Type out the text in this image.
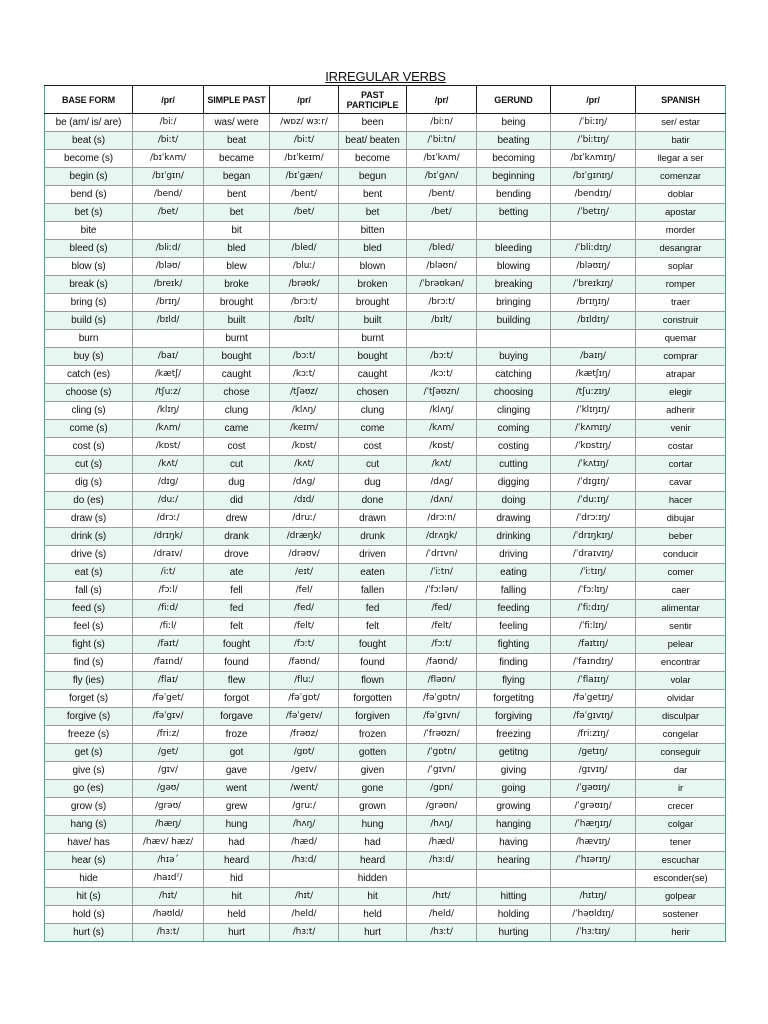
IRREGULAR VERBS
BASE FORM	/pr/	SIMPLE PAST	/pr/	PAST PARTICIPLE	/pr/	GERUND	/pr/	SPANISH
be (am/ is/ are)	/biː/	was/ were	/wɒz/ wɜːr/	been	/biːn/	being	/ˈbiːɪŋ/	ser/ estar
beat (s)	/biːt/	beat	/biːt/	beat/ beaten	/ˈbiːtn/	beating	/ˈbiːtɪŋ/	batir
become (s)	/bɪˈkʌm/	became	/bɪˈkeɪm/	become	/bɪˈkʌm/	becoming	/bɪˈkʌmɪŋ/	llegar a ser
begin (s)	/bɪˈgɪn/	began	/bɪˈgæn/	begun	/bɪˈgʌn/	beginning	/bɪˈgɪnɪŋ/	comenzar
bend (s)	/bend/	bent	/bent/	bent	/bent/	bending	/bendɪŋ/	doblar
bet (s)	/bet/	bet	/bet/	bet	/bet/	betting	/ˈbetɪŋ/	apostar
bite		bit		bitten				morder
bleed (s)	/bliːd/	bled	/bled/	bled	/bled/	bleeding	/ˈbliːdɪŋ/	desangrar
blow (s)	/bləʊ/	blew	/bluː/	blown	/bləʊn/	blowing	/bləʊɪŋ/	soplar
break (s)	/breɪk/	broke	/brəʊk/	broken	/ˈbrəʊkən/	breaking	/ˈbreɪkɪŋ/	romper
bring (s)	/brɪŋ/	brought	/brɔːt/	brought	/brɔːt/	bringing	/brɪŋɪŋ/	traer
build (s)	/bɪld/	built	/bɪlt/	built	/bɪlt/	building	/bɪldɪŋ/	construir
burn		burnt		burnt				quemar
buy (s)	/baɪ/	bought	/bɔːt/	bought	/bɔːt/	buying	/baɪŋ/	comprar
catch (es)	/kætʃ/	caught	/kɔːt/	caught	/kɔːt/	catching	/kætʃɪŋ/	atrapar
choose (s)	/tʃuːz/	chose	/tʃəʊz/	chosen	/ˈtʃəʊzn/	choosing	/tʃuːzɪŋ/	elegir
cling (s)	/klɪŋ/	clung	/klʌŋ/	clung	/klʌŋ/	clinging	/ˈklɪŋɪŋ/	adherir
come (s)	/kʌm/	came	/keɪm/	come	/kʌm/	coming	/ˈkʌmɪŋ/	venir
cost (s)	/kɒst/	cost	/kɒst/	cost	/kɒst/	costing	/ˈkɒstɪŋ/	costar
cut (s)	/kʌt/	cut	/kʌt/	cut	/kʌt/	cutting	/ˈkʌtɪŋ/	cortar
dig (s)	/dɪg/	dug	/dʌg/	dug	/dʌg/	digging	/ˈdɪgɪŋ/	cavar
do (es)	/duː/	did	/dɪd/	done	/dʌn/	doing	/ˈduːɪŋ/	hacer
draw (s)	/drɔː/	drew	/druː/	drawn	/drɔːn/	drawing	/ˈdrɔːɪŋ/	dibujar
drink (s)	/drɪŋk/	drank	/dræŋk/	drunk	/drʌŋk/	drinking	/ˈdrɪŋkɪŋ/	beber
drive (s)	/draɪv/	drove	/drəʊv/	driven	/ˈdrɪvn/	driving	/ˈdraɪvɪŋ/	conducir
eat (s)	/iːt/	ate	/eɪt/	eaten	/ˈiːtn/	eating	/ˈiːtɪŋ/	comer
fall (s)	/fɔːl/	fell	/fel/	fallen	/ˈfɔːlən/	falling	/ˈfɔːlɪŋ/	caer
feed (s)	/fiːd/	fed	/fed/	fed	/fed/	feeding	/ˈfiːdɪŋ/	alimentar
feel (s)	/fiːl/	felt	/felt/	felt	/felt/	feeling	/ˈfiːlɪŋ/	sentir
fight (s)	/faɪt/	fought	/fɔːt/	fought	/fɔːt/	fighting	/faɪtɪŋ/	pelear
find (s)	/faɪnd/	found	/faʊnd/	found	/faʊnd/	finding	/ˈfaɪndɪŋ/	encontrar
fly (ies)	/flaɪ/	flew	/fluː/	flown	/fləʊn/	flying	/ˈflaɪɪŋ/	volar
forget (s)	/fəˈget/	forgot	/fəˈgɒt/	forgotten	/fəˈgɒtn/	forgetitng	/fəˈgetɪŋ/	olvidar
forgive (s)	/fəˈgɪv/	forgave	/fəˈgeɪv/	forgiven	/fəˈgɪvn/	forgiving	/fəˈgɪvɪŋ/	disculpar
freeze (s)	/friːz/	froze	/frəʊz/	frozen	/ˈfrəʊzn/	freezing	/friːzɪŋ/	congelar
get (s)	/get/	got	/gɒt/	gotten	/ˈgɒtn/	getitng	/getɪŋ/	conseguir
give (s)	/gɪv/	gave	/geɪv/	given	/ˈgɪvn/	giving	/gɪvɪŋ/	dar
go (es)	/gəʊ/	went	/went/	gone	/gɒn/	going	/ˈgəʊɪŋ/	ir
grow (s)	/grəʊ/	grew	/gruː/	grown	/grəʊn/	growing	/ˈgrəʊɪŋ/	crecer
hang (s)	/hæŋ/	hung	/hʌŋ/	hung	/hʌŋ/	hanging	/ˈhæŋɪŋ/	colgar
have/ has	/hæv/ hæz/	had	/hæd/	had	/hæd/	having	/hævɪŋ/	tener
hear (s)	/hɪəˊ	heard	/hɜːd/	heard	/hɜːd/	hearing	/ˈhɪərɪŋ/	escuchar
hide	/haɪdˀ/	hid		hidden				esconder(se)
hit (s)	/hɪt/	hit	/hɪt/	hit	/hɪt/	hitting	/hɪtɪŋ/	golpear
hold (s)	/həʊld/	held	/held/	held	/held/	holding	/ˈhəʊldɪŋ/	sostener
hurt (s)	/hɜːt/	hurt	/hɜːt/	hurt	/hɜːt/	hurting	/ˈhɜːtɪŋ/	herir
